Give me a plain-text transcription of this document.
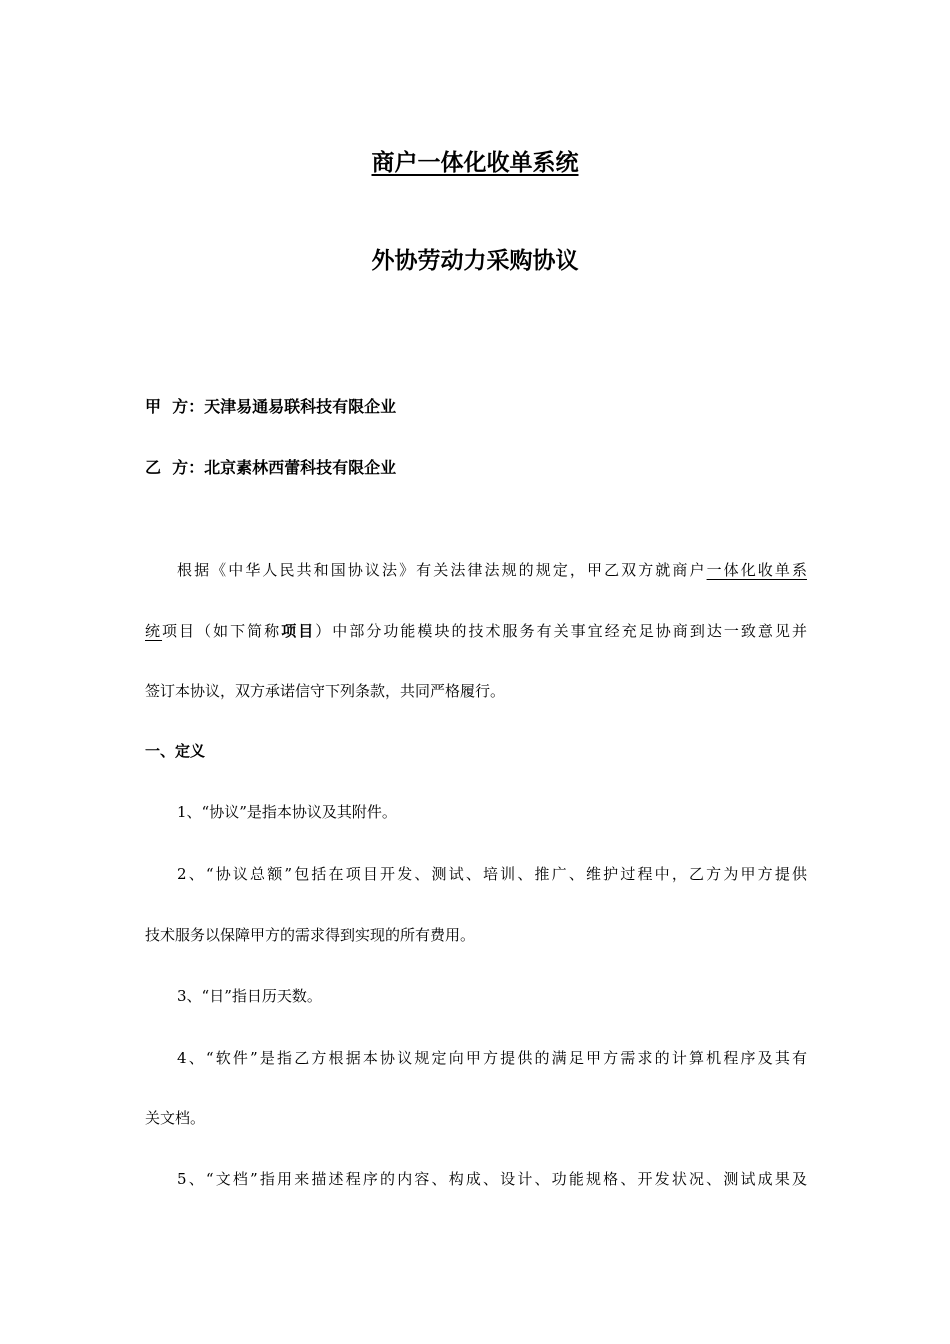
商户一体化收单系统
外协劳动力采购协议
甲  方：天津易通易联科技有限企业
乙  方：北京素林西蕾科技有限企业
根据《中华人民共和国协议法》有关法律法规的规定，甲乙双方就商户一体化收单系
统项目（如下简称项目）中部分功能模块的技术服务有关事宜经充足协商到达一致意见并
签订本协议，双方承诺信守下列条款，共同严格履行。
一、定义
1、“协议”是指本协议及其附件。
2、“协议总额”包括在项目开发、测试、培训、推广、维护过程中，乙方为甲方提供
技术服务以保障甲方的需求得到实现的所有费用。
3、“日”指日历天数。
4、“软件”是指乙方根据本协议规定向甲方提供的满足甲方需求的计算机程序及其有
关文档。
5、“文档”指用来描述程序的内容、构成、设计、功能规格、开发状况、测试成果及
